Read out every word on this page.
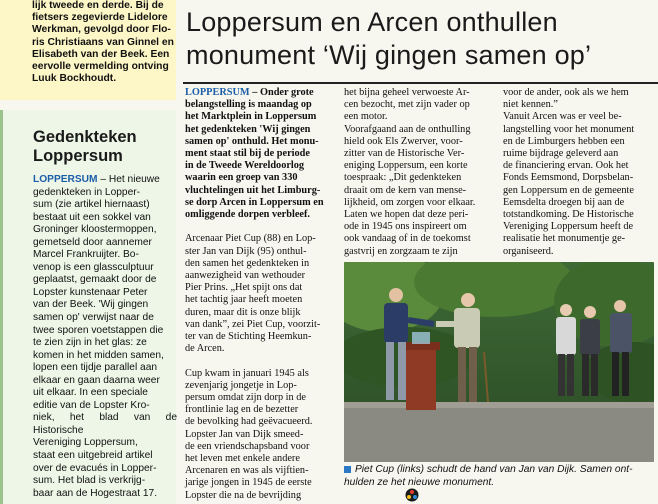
lijk tweede en derde. Bij de

fietsers zegevierde Lidelore

Werkman, gevolgd door Flo-

ris Christiaans van Ginnel en

Elisabeth van der Beek. Een

eervolle vermelding ontving

Luuk Bockhoudt.

Gedenkteken
Loppersum

LOPPERSUM – Het nieuwe

gedenkteken in Lopper-

sum (zie artikel hiernaast)

bestaat uit een sokkel van

Groninger kloostermoppen,

gemetseld door aannemer

Marcel Frankruijter. Bo-

venop is een glassculptuur

geplaatst, gemaakt door de

Lopster kunstenaar Peter

van der Beek. 'Wij gingen

samen op' verwijst naar de

twee sporen voetstappen die

te zien zijn in het glas: ze

komen in het midden samen,

lopen een tijdje parallel aan

elkaar en gaan daarna weer

uit elkaar. In een speciale

editie van de Lopster Kro-

niek, het blad van de Historische

Vereniging Loppersum,

staat een uitgebreid artikel

over de evacués in Lopper-

sum. Het blad is verkrijg-

baar aan de Hogestraat 17.

Loppersum en Arcen onthullen
monument ‘Wij gingen samen op’

LOPPERSUM – Onder grote

belangstelling is maandag op

het Marktplein in Loppersum

het gedenkteken 'Wij gingen

samen op' onthuld. Het monu-

ment staat stil bij de periode

in de Tweede Wereldoorlog

waarin een groep van 330

vluchtelingen uit het Limburg-

se dorp Arcen in Loppersum en

omliggende dorpen verbleef.

Arcenaar Piet Cup (88) en Lop-

ster Jan van Dijk (95) onthul-

den samen het gedenkteken in

aanwezigheid van wethouder

Pier Prins. „Het spijt ons dat

het tachtig jaar heeft moeten

duren, maar dit is onze blijk

van dank”, zei Piet Cup, voorzit-

ter van de Stichting Heemkun-

de Arcen.

Cup kwam in januari 1945 als

zevenjarig jongetje in Lop-

persum omdat zijn dorp in de

frontlinie lag en de bezetter

de bevolking had geëvacueerd.

Lopster Jan van Dijk smeed-

de een vriendschapsband voor

het leven met enkele andere

Arcenaren en was als vijftien-

jarige jongen in 1945 de eerste

Lopster die na de bevrijding

het bijna geheel verwoeste Ar-

cen bezocht, met zijn vader op

een motor.

Voorafgaand aan de onthulling

hield ook Els Zwerver, voor-

zitter van de Historische Ver-

eniging Loppersum, een korte

toespraak: „Dit gedenkteken

draait om de kern van mense-

lijkheid, om zorgen voor elkaar.

Laten we hopen dat deze peri-

ode in 1945 ons inspireert om

ook vandaag of in de toekomst

gastvrij en zorgzaam te zijn

voor de ander, ook als we hem

niet kennen.”

Vanuit Arcen was er veel be-

langstelling voor het monument

en de Limburgers hebben een

ruime bijdrage geleverd aan

de financiering ervan. Ook het

Fonds Eemsmond, Dorpsbelan-

gen Loppersum en de gemeente

Eemsdelta droegen bij aan de

totstandkoming. De Historische

Vereniging Loppersum heeft de

realisatie het monumentje ge-

organiseerd.

Piet Cup (links) schudt de hand van Jan van Dijk. Samen ont-
hulden ze het nieuwe monument.
